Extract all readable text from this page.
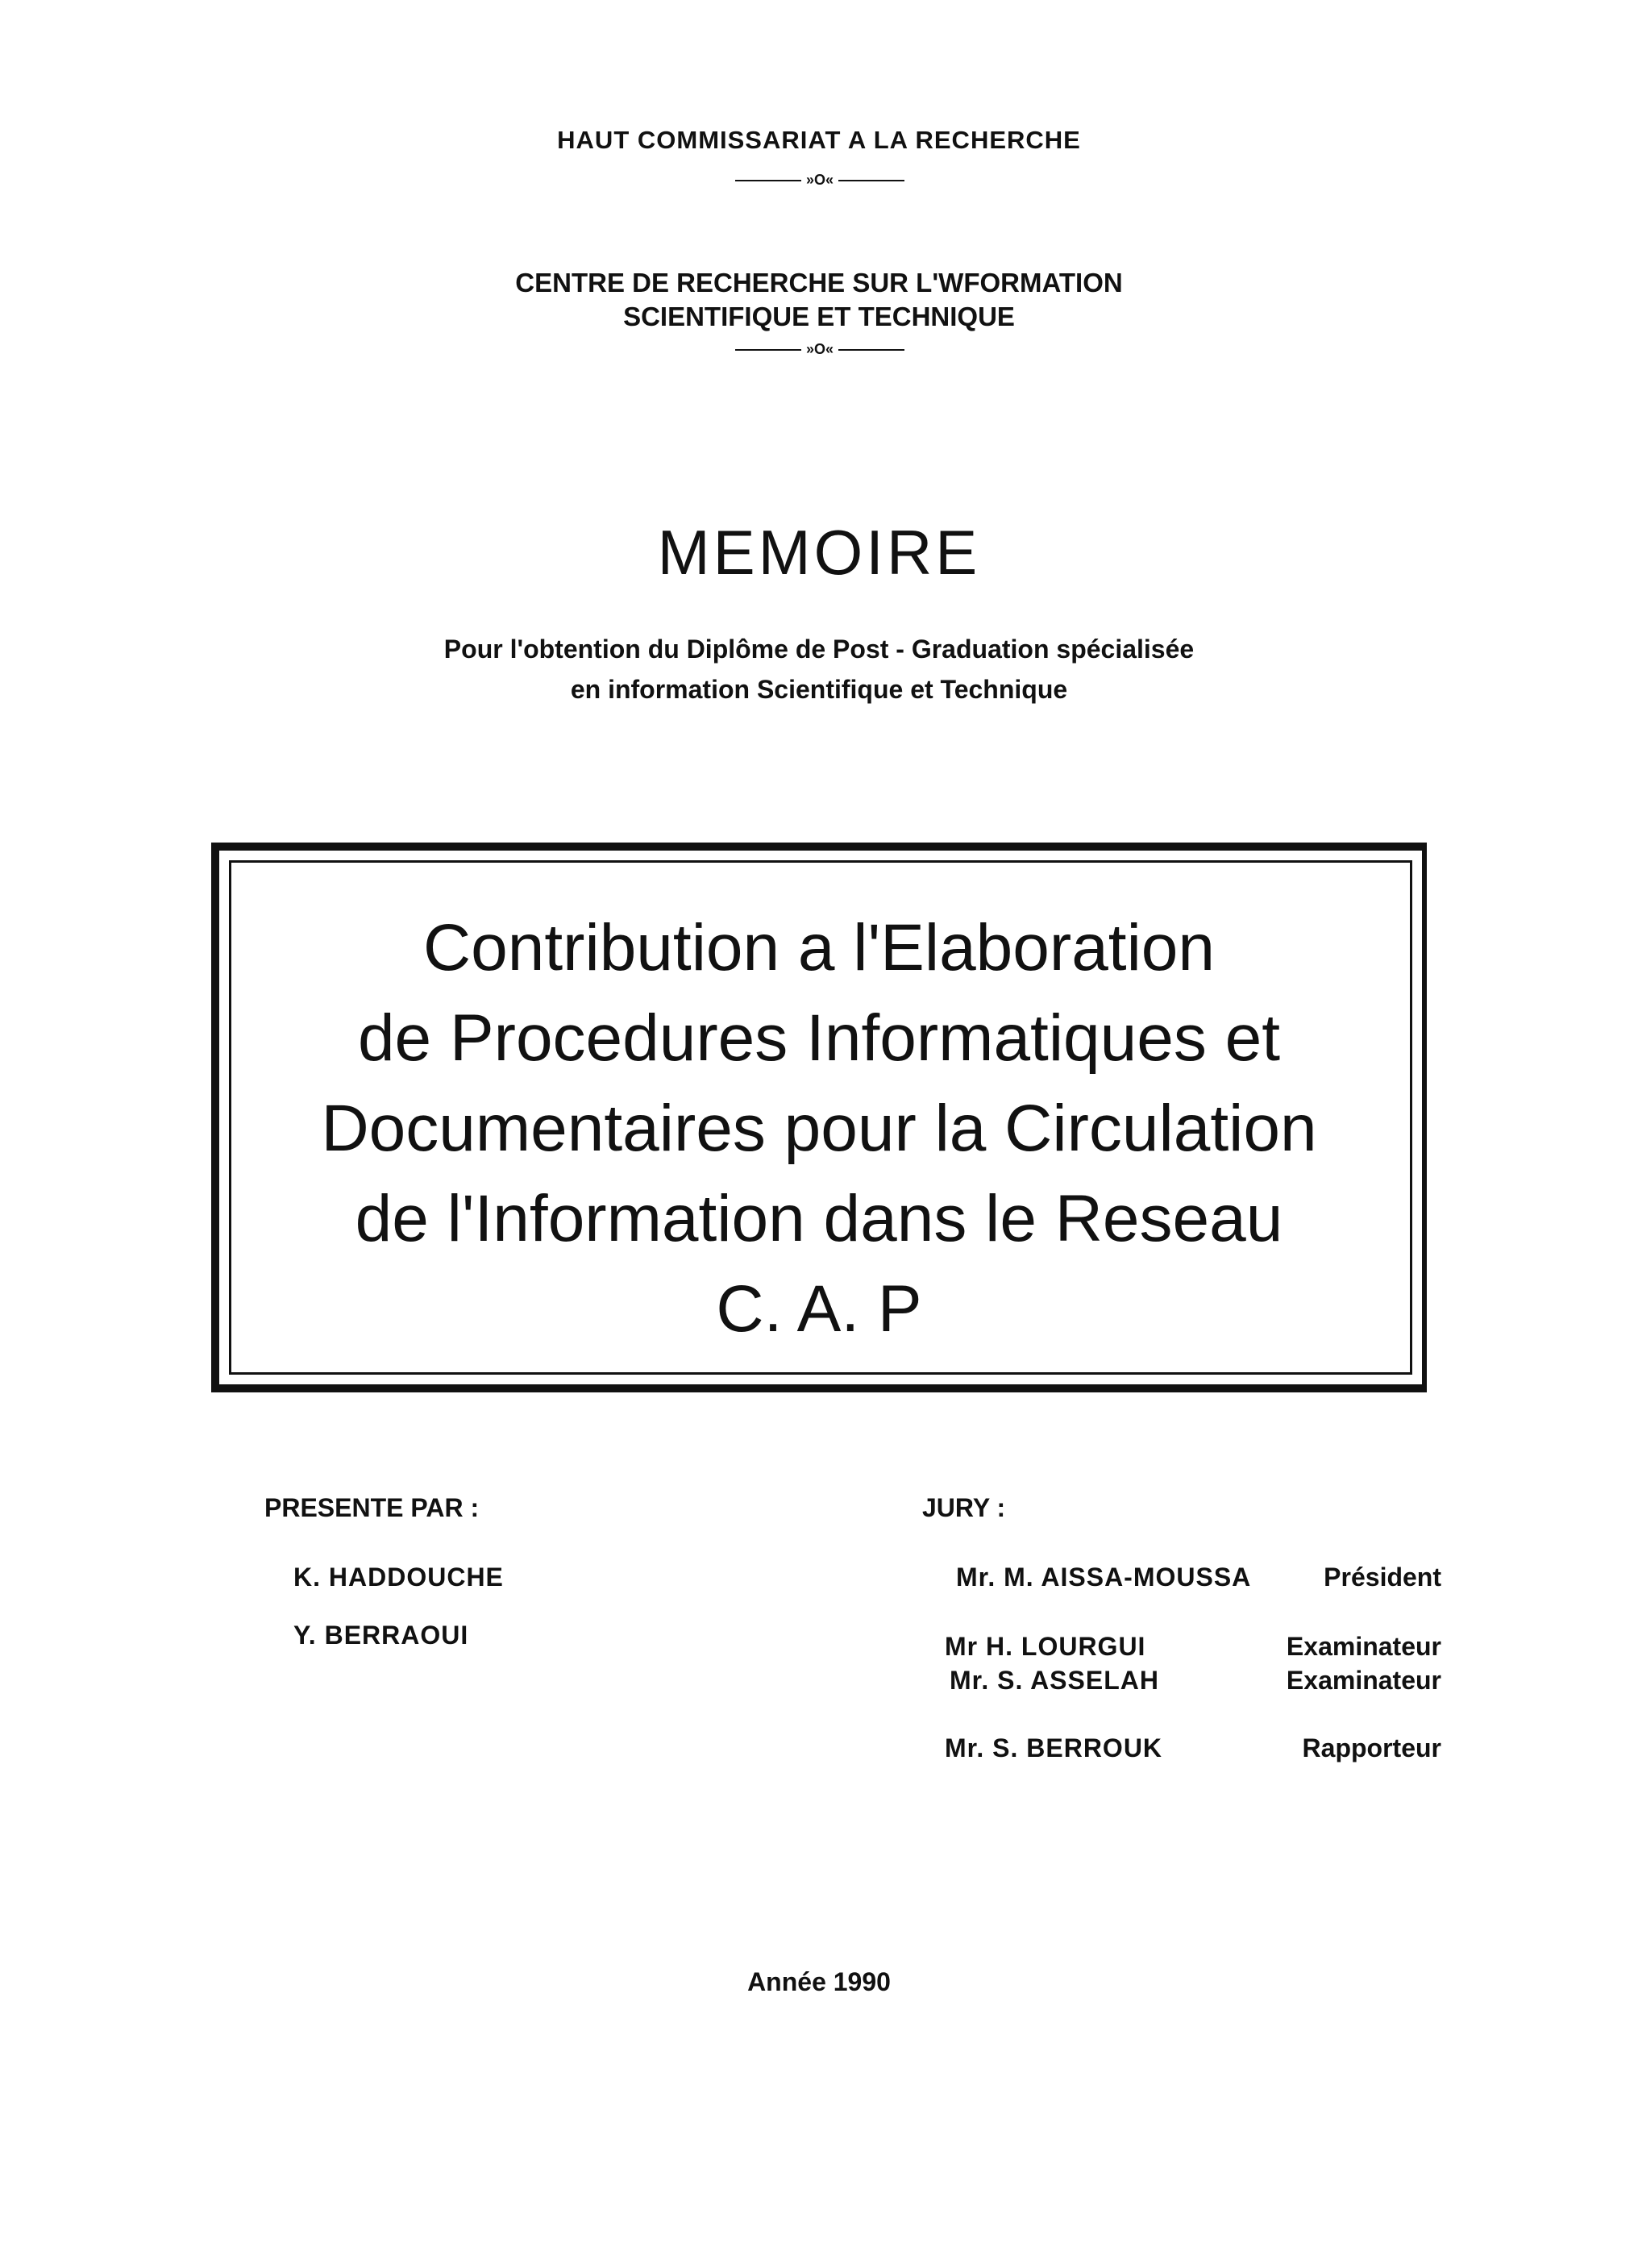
HAUT COMMISSARIAT A LA RECHERCHE
»O«
CENTRE DE RECHERCHE SUR L'WFORMATION
SCIENTIFIQUE ET TECHNIQUE
»O«
MEMOIRE
Pour l'obtention du Diplôme de Post - Graduation spécialisée
en information Scientifique et Technique
Contribution a l'Elaboration
de Procedures Informatiques et
Documentaires pour la Circulation
de l'Information dans le Reseau
C. A. P
PRESENTE PAR :
K. HADDOUCHE
Y. BERRAOUI
JURY :
Mr. M. AISSA-MOUSSA	Président
Mr H. LOURGUI	Examinateur
Mr. S. ASSELAH	Examinateur
Mr. S. BERROUK	Rapporteur
Année 1990
